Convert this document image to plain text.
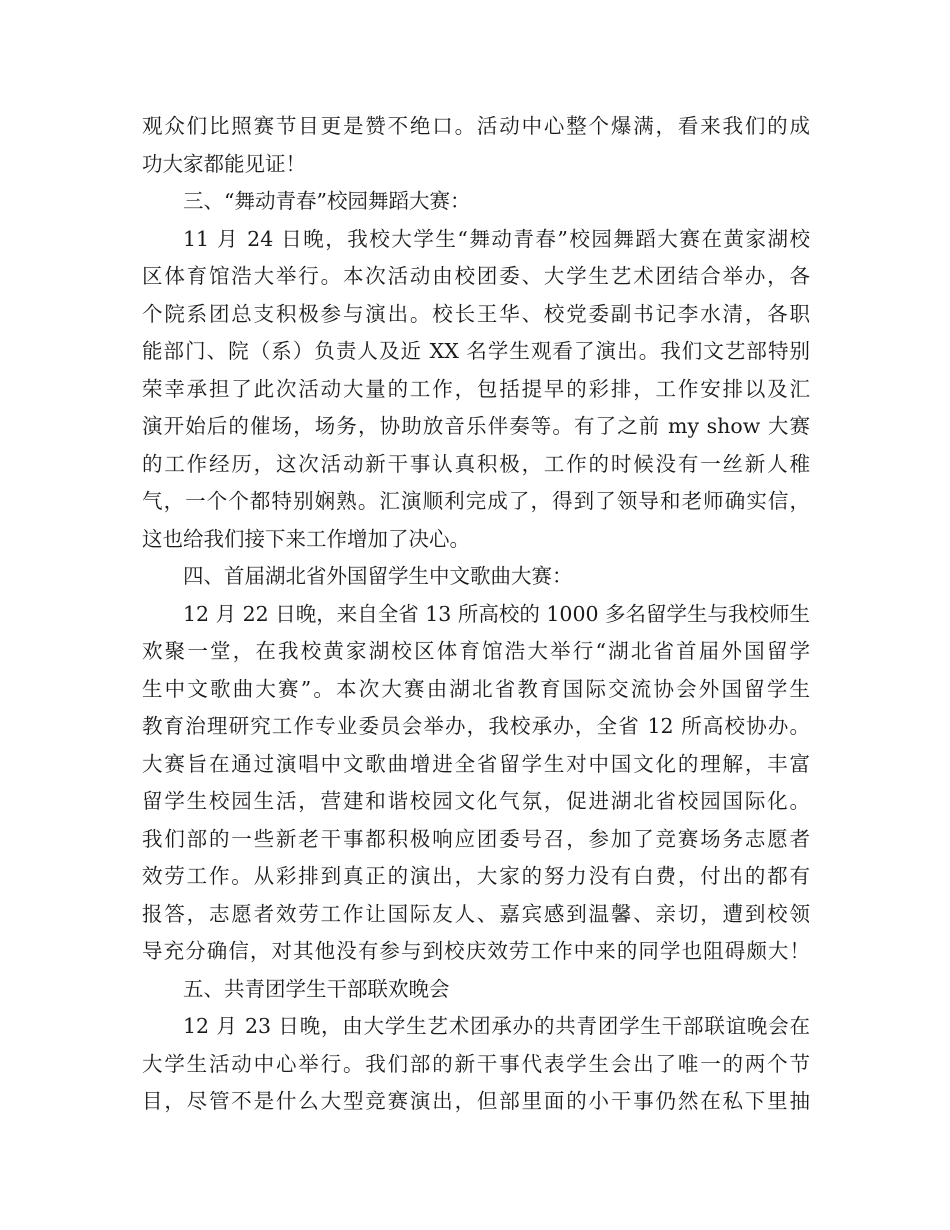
观众们比照赛节目更是赞不绝口。活动中心整个爆满，看来我们的成
功大家都能见证！
三、“舞动青春”校园舞蹈大赛：
11 月 24 日晚，我校大学生“舞动青春”校园舞蹈大赛在黄家湖校
区体育馆浩大举行。本次活动由校团委、大学生艺术团结合举办，各
个院系团总支积极参与演出。校长王华、校党委副书记李水清，各职
能部门、院（系）负责人及近 XX 名学生观看了演出。我们文艺部特别
荣幸承担了此次活动大量的工作，包括提早的彩排，工作安排以及汇
演开始后的催场，场务，协助放音乐伴奏等。有了之前 my show 大赛
的工作经历，这次活动新干事认真积极，工作的时候没有一丝新人稚
气，一个个都特别娴熟。汇演顺利完成了，得到了领导和老师确实信，
这也给我们接下来工作增加了决心。
四、首届湖北省外国留学生中文歌曲大赛：
12 月 22 日晚，来自全省 13 所高校的 1000 多名留学生与我校师生
欢聚一堂，在我校黄家湖校区体育馆浩大举行“湖北省首届外国留学
生中文歌曲大赛”。本次大赛由湖北省教育国际交流协会外国留学生
教育治理研究工作专业委员会举办，我校承办，全省 12 所高校协办。
大赛旨在通过演唱中文歌曲增进全省留学生对中国文化的理解，丰富
留学生校园生活，营建和谐校园文化气氛，促进湖北省校园国际化。
我们部的一些新老干事都积极响应团委号召，参加了竞赛场务志愿者
效劳工作。从彩排到真正的演出，大家的努力没有白费，付出的都有
报答，志愿者效劳工作让国际友人、嘉宾感到温馨、亲切，遭到校领
导充分确信，对其他没有参与到校庆效劳工作中来的同学也阻碍颇大！
五、共青团学生干部联欢晚会
12 月 23 日晚，由大学生艺术团承办的共青团学生干部联谊晚会在
大学生活动中心举行。我们部的新干事代表学生会出了唯一的两个节
目，尽管不是什么大型竞赛演出，但部里面的小干事仍然在私下里抽
